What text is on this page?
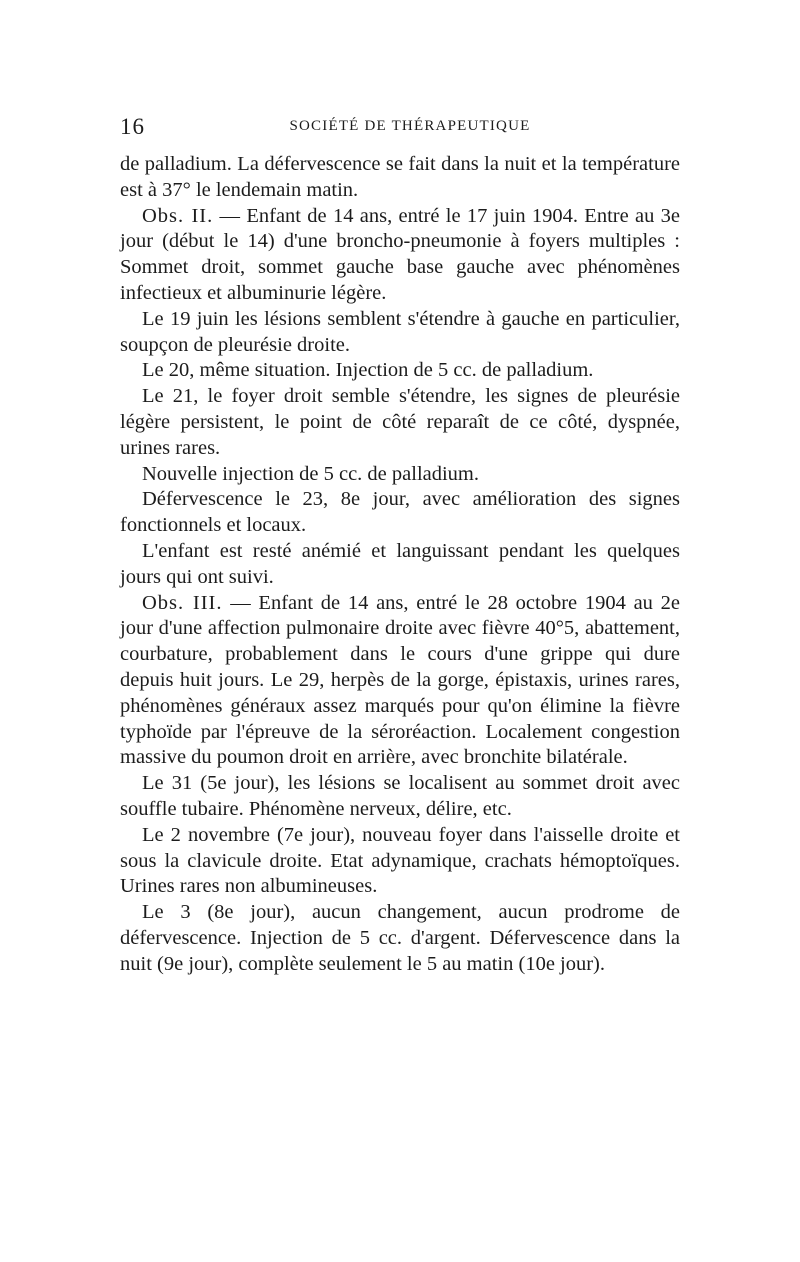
16	SOCIÉTÉ DE THÉRAPEUTIQUE

de palladium. La défervescence se fait dans la nuit et la température est à 37° le lendemain matin.

Obs. II. — Enfant de 14 ans, entré le 17 juin 1904. Entre au 3e jour (début le 14) d'une broncho-pneumonie à foyers multiples : Sommet droit, sommet gauche base gauche avec phénomènes infectieux et albuminurie légère.

Le 19 juin les lésions semblent s'étendre à gauche en particulier, soupçon de pleurésie droite.

Le 20, même situation. Injection de 5 cc. de palladium.

Le 21, le foyer droit semble s'étendre, les signes de pleurésie légère persistent, le point de côté reparaît de ce côté, dyspnée, urines rares.

Nouvelle injection de 5 cc. de palladium.

Défervescence le 23, 8e jour, avec amélioration des signes fonctionnels et locaux.

L'enfant est resté anémié et languissant pendant les quelques jours qui ont suivi.

Obs. III. — Enfant de 14 ans, entré le 28 octobre 1904 au 2e jour d'une affection pulmonaire droite avec fièvre 40°5, abattement, courbature, probablement dans le cours d'une grippe qui dure depuis huit jours. Le 29, herpès de la gorge, épistaxis, urines rares, phénomènes généraux assez marqués pour qu'on élimine la fièvre typhoïde par l'épreuve de la séroréaction. Localement congestion massive du poumon droit en arrière, avec bronchite bilatérale.

Le 31 (5e jour), les lésions se localisent au sommet droit avec souffle tubaire. Phénomène nerveux, délire, etc.

Le 2 novembre (7e jour), nouveau foyer dans l'aisselle droite et sous la clavicule droite. Etat adynamique, crachats hémoptoïques. Urines rares non albumineuses.

Le 3 (8e jour), aucun changement, aucun prodrome de défervescence. Injection de 5 cc. d'argent. Défervescence dans la nuit (9e jour), complète seulement le 5 au matin (10e jour).
